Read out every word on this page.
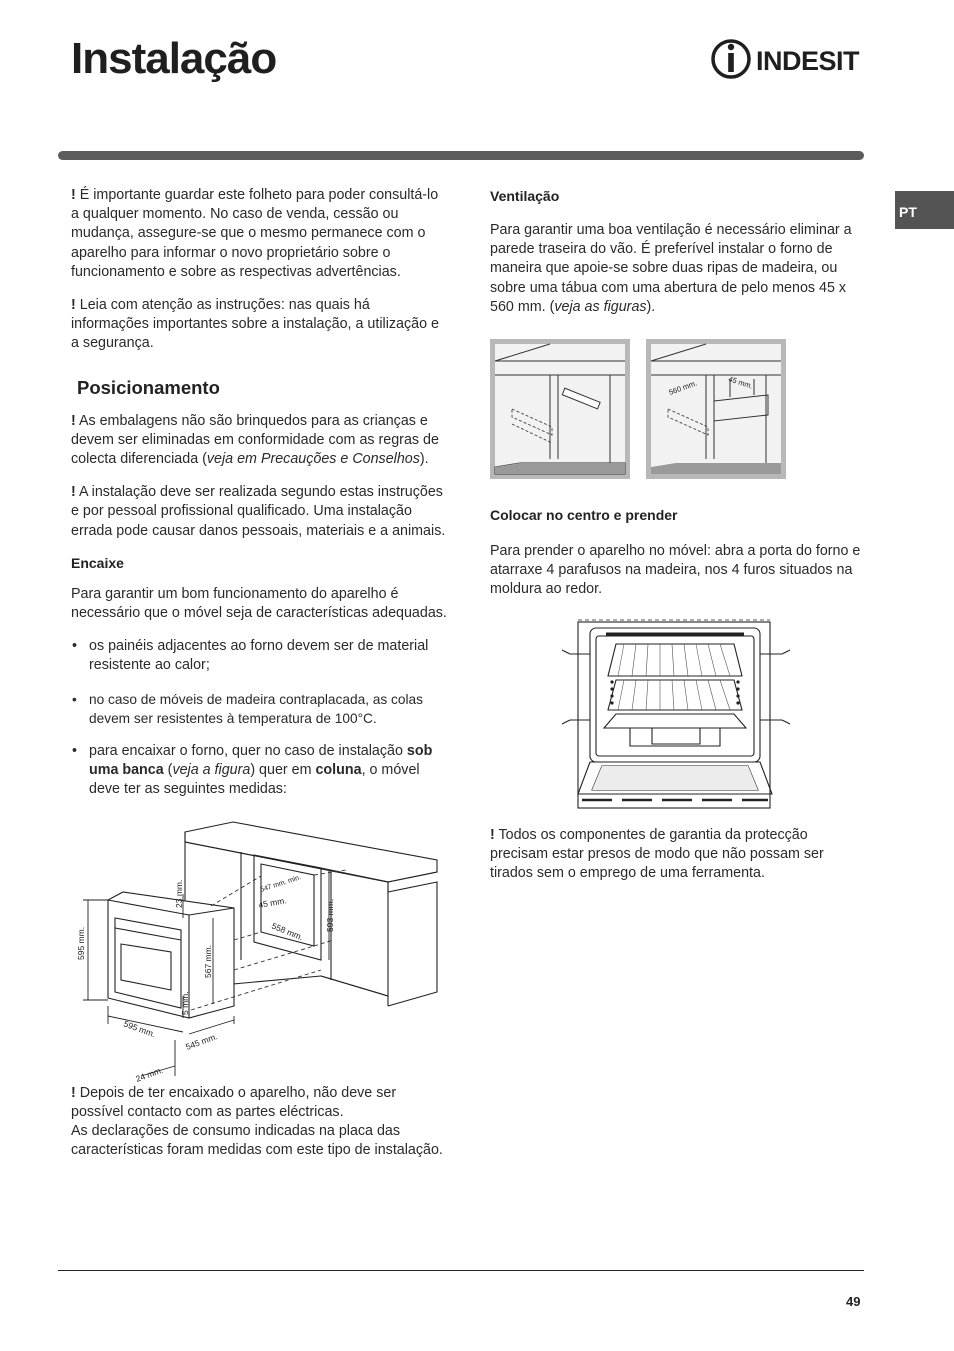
Instalação	INDESIT
PT

! É importante guardar este folheto para poder consultá-lo a qualquer momento. No caso de venda, cessão ou mudança, assegure-se que o mesmo permanece com o aparelho para informar o novo proprietário sobre o funcionamento e sobre as respectivas advertências.

! Leia com atenção as instruções: nas quais há informações importantes sobre a instalação, a utilização e a segurança.

Posicionamento

! As embalagens não são brinquedos para as crianças e devem ser eliminadas em conformidade com as regras de colecta diferenciada (veja em Precauções e Conselhos).

! A instalação deve ser realizada segundo estas instruções e por pessoal profissional qualificado. Uma instalação errada pode causar danos pessoais, materiais e a animais.

Encaixe

Para garantir um bom funcionamento do aparelho é necessário que o móvel seja de características adequadas.

• os painéis adjacentes ao forno devem ser de material resistente ao calor;
• no caso de móveis de madeira contraplacada, as colas devem ser resistentes à temperatura de 100°C.
• para encaixar o forno, quer no caso de instalação sob uma banca (veja a figura) quer em coluna, o móvel deve ter as seguintes medidas:
595 mm.
23 mm.
567 mm.
5 mm.
595 mm.
545 mm.
24 mm.
547 mm. min.
45 mm.
558 mm. 593 mm.

! Depois de ter encaixado o aparelho, não deve ser possível contacto com as partes eléctricas.

As declarações de consumo indicadas na placa das características foram medidas com este tipo de instalação.

Ventilação

Para garantir uma boa ventilação é necessário eliminar a parede traseira do vão. É preferível instalar o forno de maneira que apoie-se sobre duas ripas de madeira, ou sobre uma tábua com uma abertura de pelo menos 45 x 560 mm. (veja as figuras).

560 mm.	45 mm.
Colocar no centro e prender

Para prender o aparelho no móvel: abra a porta do forno e atarraxe 4 parafusos na madeira, nos 4 furos situados na moldura ao redor.

! Todos os componentes de garantia da protecção precisam estar presos de modo que não possam ser tirados sem o emprego de uma ferramenta.

49
